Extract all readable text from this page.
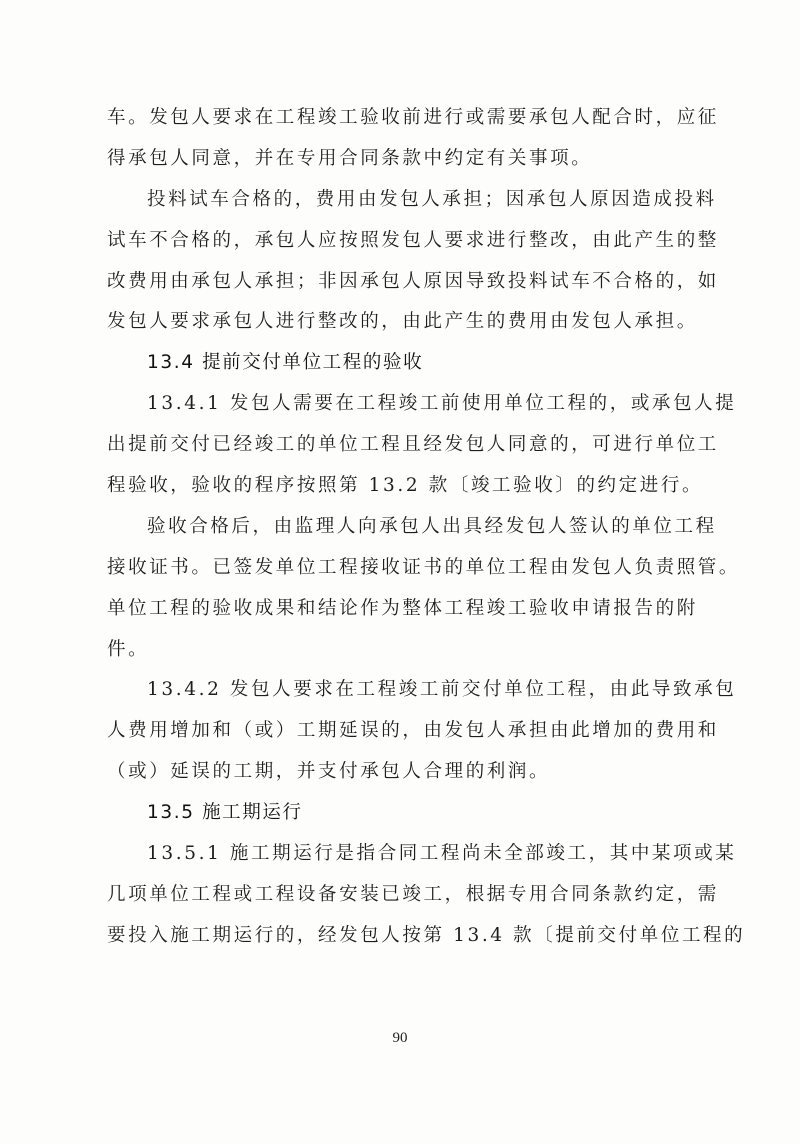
车。发包人要求在工程竣工验收前进行或需要承包人配合时，应征
得承包人同意，并在专用合同条款中约定有关事项。
投料试车合格的，费用由发包人承担；因承包人原因造成投料
试车不合格的，承包人应按照发包人要求进行整改，由此产生的整
改费用由承包人承担；非因承包人原因导致投料试车不合格的，如
发包人要求承包人进行整改的，由此产生的费用由发包人承担。
13.4 提前交付单位工程的验收
13.4.1 发包人需要在工程竣工前使用单位工程的，或承包人提
出提前交付已经竣工的单位工程且经发包人同意的，可进行单位工
程验收，验收的程序按照第 13.2 款〔竣工验收〕的约定进行。
验收合格后，由监理人向承包人出具经发包人签认的单位工程
接收证书。已签发单位工程接收证书的单位工程由发包人负责照管。
单位工程的验收成果和结论作为整体工程竣工验收申请报告的附
件。
13.4.2 发包人要求在工程竣工前交付单位工程，由此导致承包
人费用增加和（或）工期延误的，由发包人承担由此增加的费用和
（或）延误的工期，并支付承包人合理的利润。
13.5 施工期运行
13.5.1 施工期运行是指合同工程尚未全部竣工，其中某项或某
几项单位工程或工程设备安装已竣工，根据专用合同条款约定，需
要投入施工期运行的，经发包人按第 13.4 款〔提前交付单位工程的
90
